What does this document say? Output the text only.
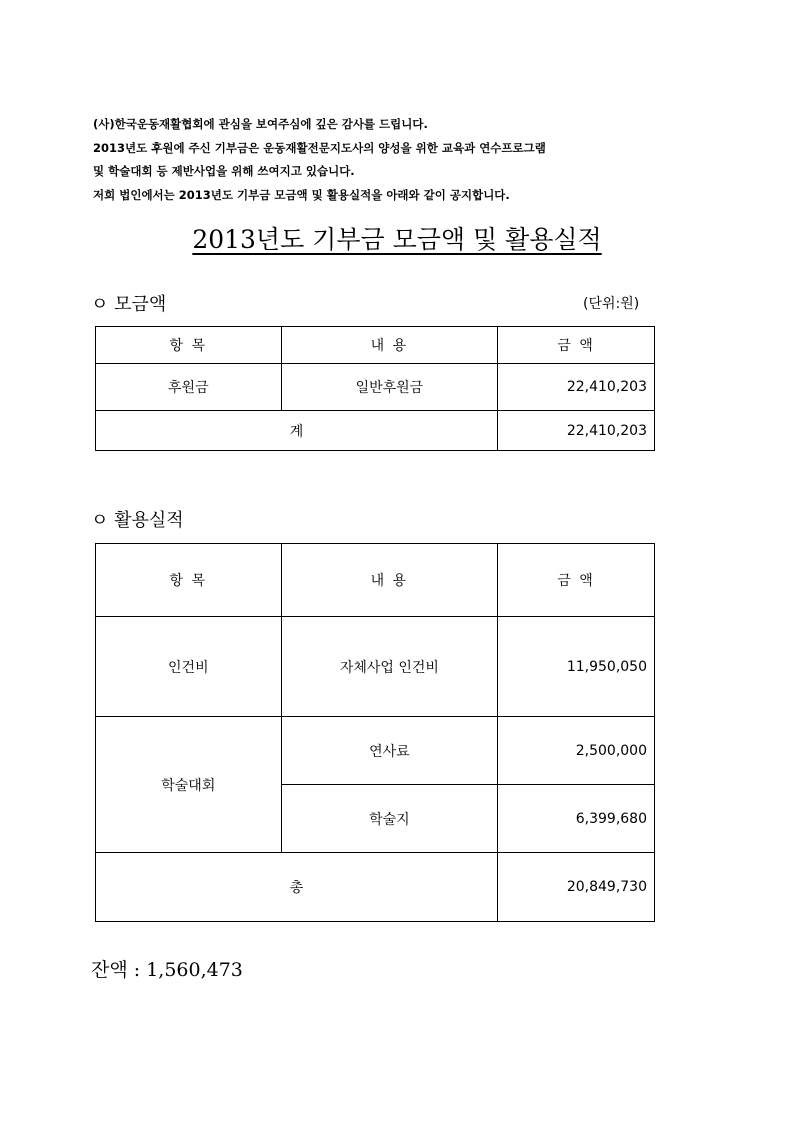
(사)한국운동재활협회에 관심을 보여주심에 깊은 감사를 드립니다.
2013년도 후원에 주신 기부금은 운동재활전문지도사의 양성을 위한 교육과 연수프로그램
및 학술대회 등 제반사업을 위해 쓰여지고 있습니다.
저희 법인에서는 2013년도 기부금 모금액 및 활용실적을 아래와 같이 공지합니다.
2013년도 기부금 모금액 및 활용실적
ㅇ 모금액	(단위:원)
항 목	내 용	금 액
후원금	일반후원금	22,410,203
계		22,410,203
ㅇ 활용실적
항 목	내 용	금 액
인건비	자체사업 인건비	11,950,050
학술대회	연사료	2,500,000
	학술지	6,399,680
총		20,849,730
잔액 : 1,560,473
